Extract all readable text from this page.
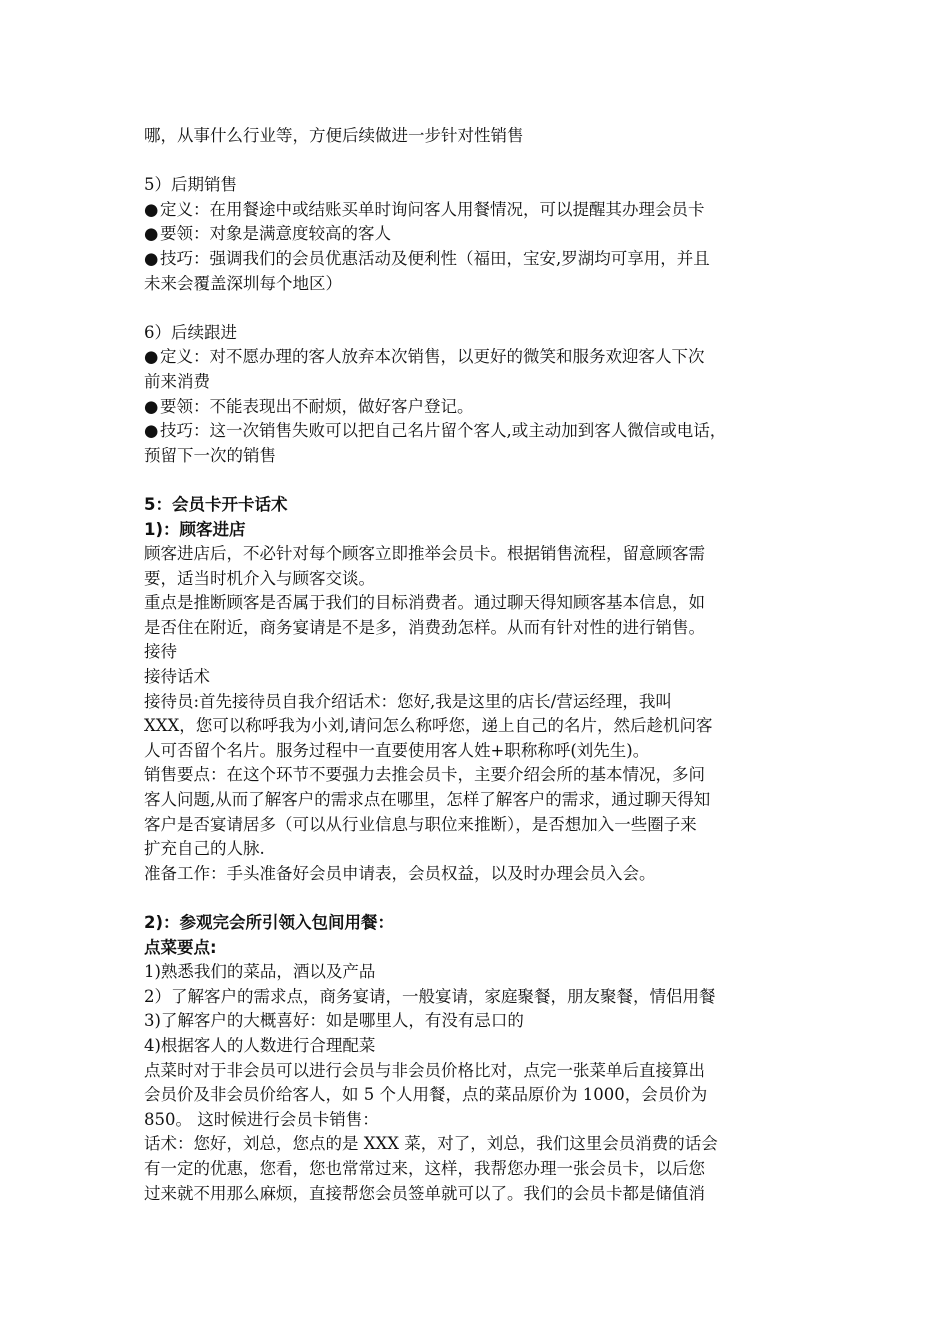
哪，从事什么行业等，方便后续做进一步针对性销售
5）后期销售
●定义：在用餐途中或结账买单时询问客人用餐情况，可以提醒其办理会员卡
●要领：对象是满意度较高的客人
●技巧：强调我们的会员优惠活动及便利性（福田，宝安,罗湖均可享用，并且
未来会覆盖深圳每个地区）
6）后续跟进
●定义：对不愿办理的客人放弃本次销售，以更好的微笑和服务欢迎客人下次
前来消费
●要领：不能表现出不耐烦，做好客户登记。
●技巧：这一次销售失败可以把自己名片留个客人,或主动加到客人微信或电话，
预留下一次的销售
5：会员卡开卡话术
1)：顾客进店
顾客进店后，不必针对每个顾客立即推举会员卡。根据销售流程，留意顾客需
要，适当时机介入与顾客交谈。
重点是推断顾客是否属于我们的目标消费者。通过聊天得知顾客基本信息，如
是否住在附近，商务宴请是不是多，消费劲怎样。从而有针对性的进行销售。
接待
接待话术
接待员:首先接待员自我介绍话术：您好,我是这里的店长/营运经理，我叫
XXX，您可以称呼我为小刘,请问怎么称呼您，递上自己的名片，然后趁机问客
人可否留个名片。服务过程中一直要使用客人姓+职称称呼(刘先生)。
销售要点：在这个环节不要强力去推会员卡，主要介绍会所的基本情况，多问
客人问题,从而了解客户的需求点在哪里，怎样了解客户的需求，通过聊天得知
客户是否宴请居多（可以从行业信息与职位来推断），是否想加入一些圈子来
扩充自己的人脉.
准备工作：手头准备好会员申请表，会员权益，以及时办理会员入会。
2)：参观完会所引领入包间用餐：
点菜要点:
1)熟悉我们的菜品，酒以及产品
2）了解客户的需求点，商务宴请，一般宴请，家庭聚餐，朋友聚餐，情侣用餐
3)了解客户的大概喜好：如是哪里人，有没有忌口的
4)根据客人的人数进行合理配菜
点菜时对于非会员可以进行会员与非会员价格比对，点完一张菜单后直接算出
会员价及非会员价给客人，如 5 个人用餐，点的菜品原价为 1000，会员价为
850。 这时候进行会员卡销售：
话术：您好，刘总，您点的是 XXX 菜，对了，刘总，我们这里会员消费的话会
有一定的优惠，您看，您也常常过来，这样，我帮您办理一张会员卡，以后您
过来就不用那么麻烦，直接帮您会员签单就可以了。我们的会员卡都是储值消
